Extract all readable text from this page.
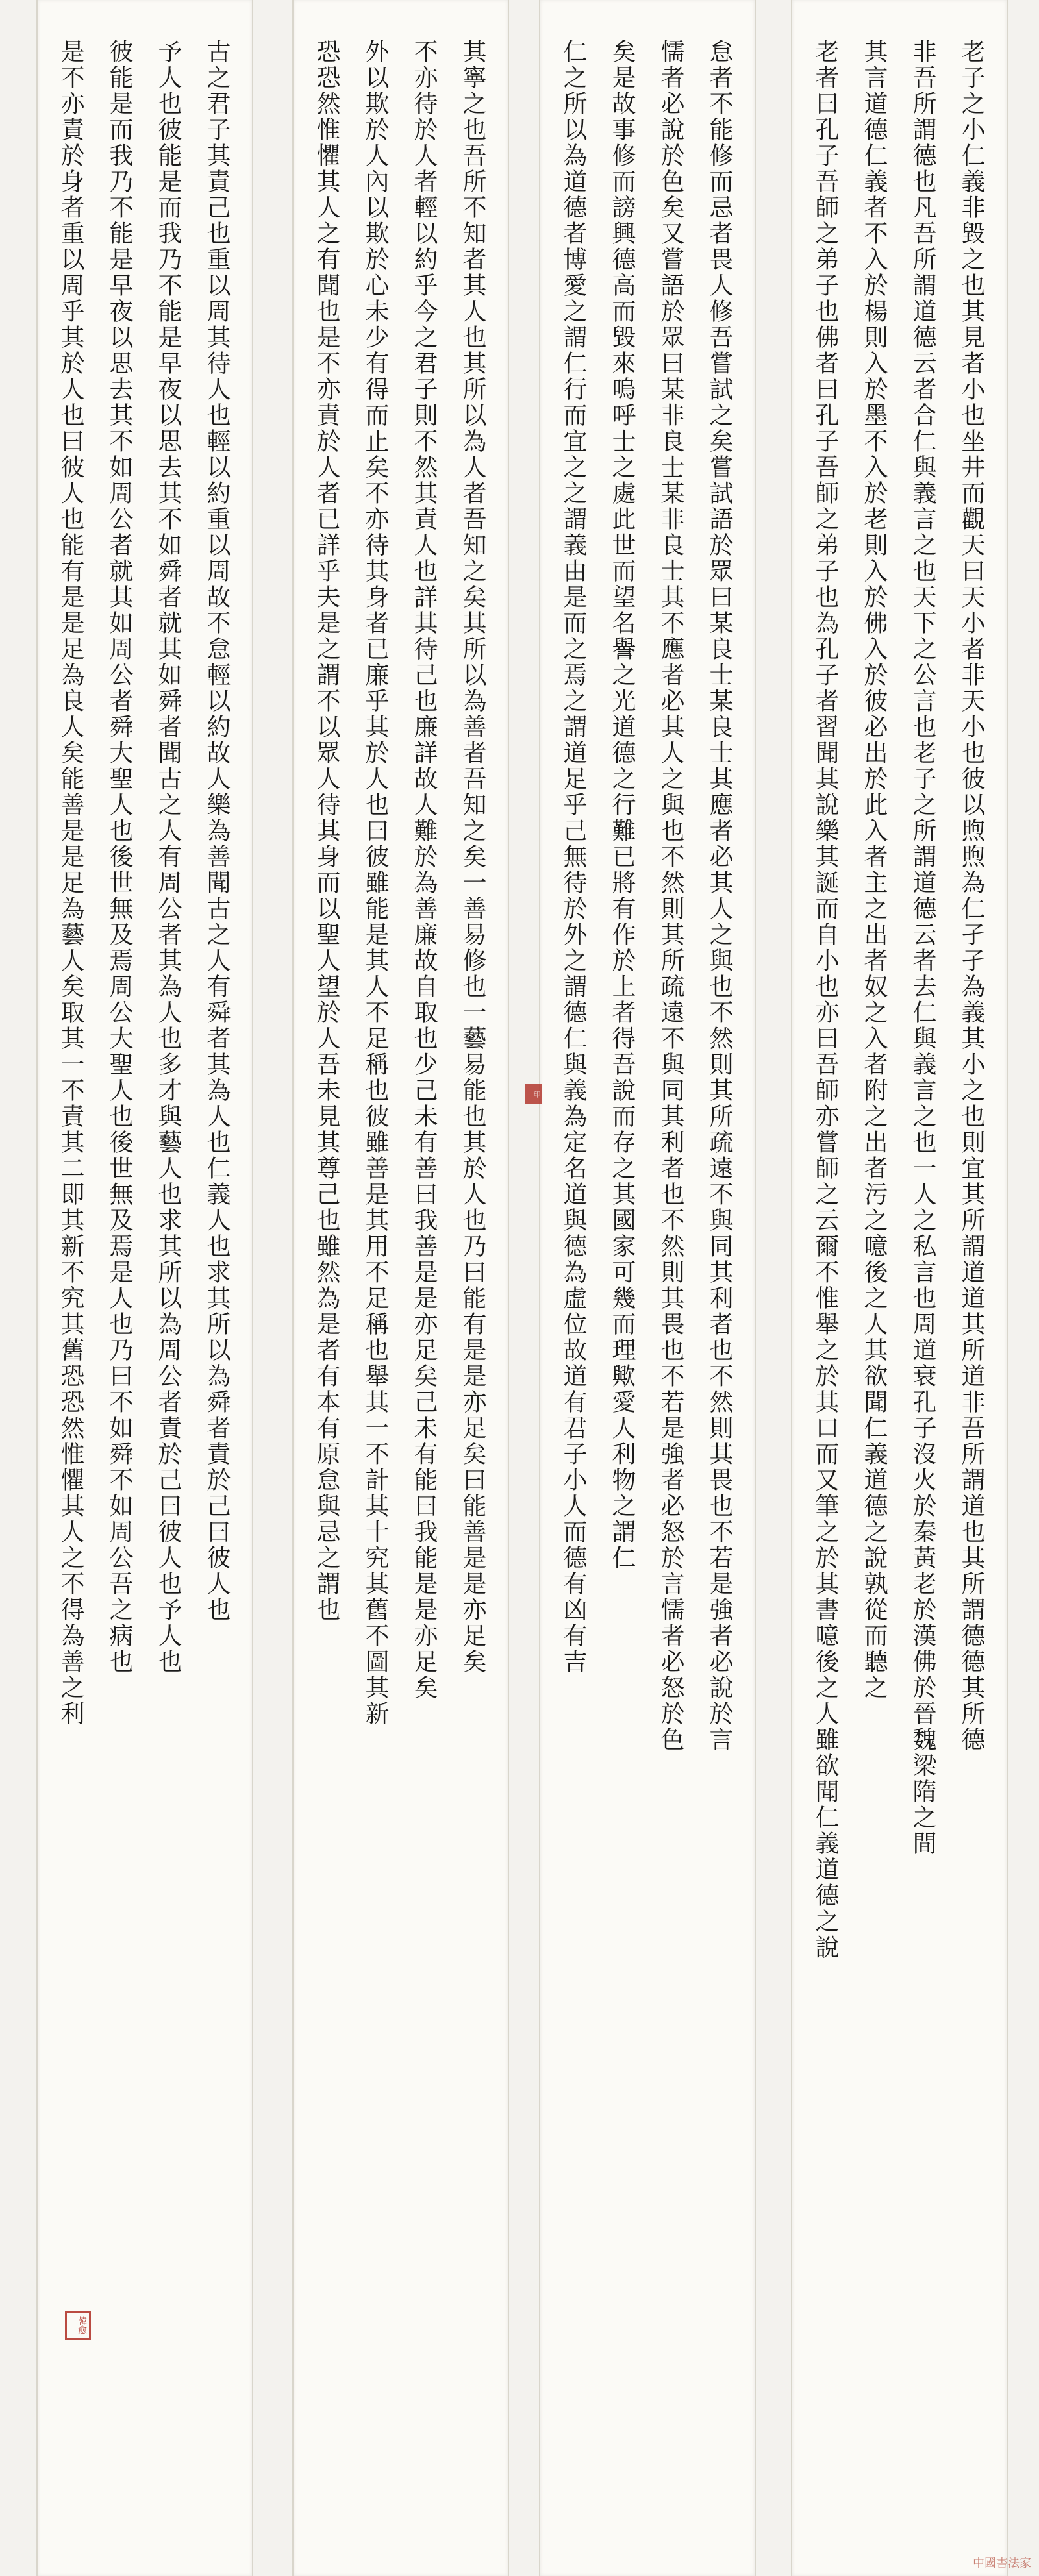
古之君子其責己也重以周其待人也輕以約重以周故不怠輕以約故人樂為善聞古之人有舜者其為人也仁義人也求其所以為舜者責於己曰彼人也
予人也彼能是而我乃不能是早夜以思去其不如舜者就其如舜者聞古之人有周公者其為人也多才與藝人也求其所以為周公者責於己曰彼人也予人也
彼能是而我乃不能是早夜以思去其不如周公者就其如周公者舜大聖人也後世無及焉周公大聖人也後世無及焉是人也乃曰不如舜不如周公吾之病也
是不亦責於身者重以周乎其於人也曰彼人也能有是是足為良人矣能善是是足為藝人矣取其一不責其二即其新不究其舊恐恐然惟懼其人之不得為善之利	其寧之也吾所不知者其人也其所以為人者吾知之矣其所以為善者吾知之矣一善易修也一藝易能也其於人也乃曰能有是是亦足矣曰能善是是亦足矣
不亦待於人者輕以約乎今之君子則不然其責人也詳其待己也廉詳故人難於為善廉故自取也少己未有善曰我善是是亦足矣己未有能曰我能是是亦足矣
外以欺於人內以欺於心未少有得而止矣不亦待其身者已廉乎其於人也曰彼雖能是其人不足稱也彼雖善是其用不足稱也舉其一不計其十究其舊不圖其新
恐恐然惟懼其人之有聞也是不亦責於人者已詳乎夫是之謂不以眾人待其身而以聖人望於人吾未見其尊己也雖然為是者有本有原怠與忌之謂也	怠者不能修而忌者畏人修吾嘗試之矣嘗試語於眾曰某良士某良士其應者必其人之與也不然則其所疏遠不與同其利者也不然則其畏也不若是強者必說於言
懦者必說於色矣又嘗語於眾曰某非良士某非良士其不應者必其人之與也不然則其所疏遠不與同其利者也不然則其畏也不若是強者必怒於言懦者必怒於色
矣是故事修而謗興德高而毀來嗚呼士之處此世而望名譽之光道德之行難已將有作於上者得吾說而存之其國家可幾而理歟愛人利物之謂仁
仁之所以為道德者博愛之謂仁行而宜之之謂義由是而之焉之謂道足乎己無待於外之謂德仁與義為定名道與德為虛位故道有君子小人而德有凶有吉	老子之小仁義非毀之也其見者小也坐井而觀天曰天小者非天小也彼以煦煦為仁孑孑為義其小之也則宜其所謂道道其所道非吾所謂道也其所謂德德其所德
非吾所謂德也凡吾所謂道德云者合仁與義言之也天下之公言也老子之所謂道德云者去仁與義言之也一人之私言也周道衰孔子沒火於秦黃老於漢佛於晉魏梁隋之間
其言道德仁義者不入於楊則入於墨不入於老則入於佛入於彼必出於此入者主之出者奴之入者附之出者污之噫後之人其欲聞仁義道德之說孰從而聽之
老者曰孔子吾師之弟子也佛者曰孔子吾師之弟子也為孔子者習聞其說樂其誕而自小也亦曰吾師亦嘗師之云爾不惟舉之於其口而又筆之於其書噫後之人雖欲聞仁義道德之說
韓愈
印
中國書法家
